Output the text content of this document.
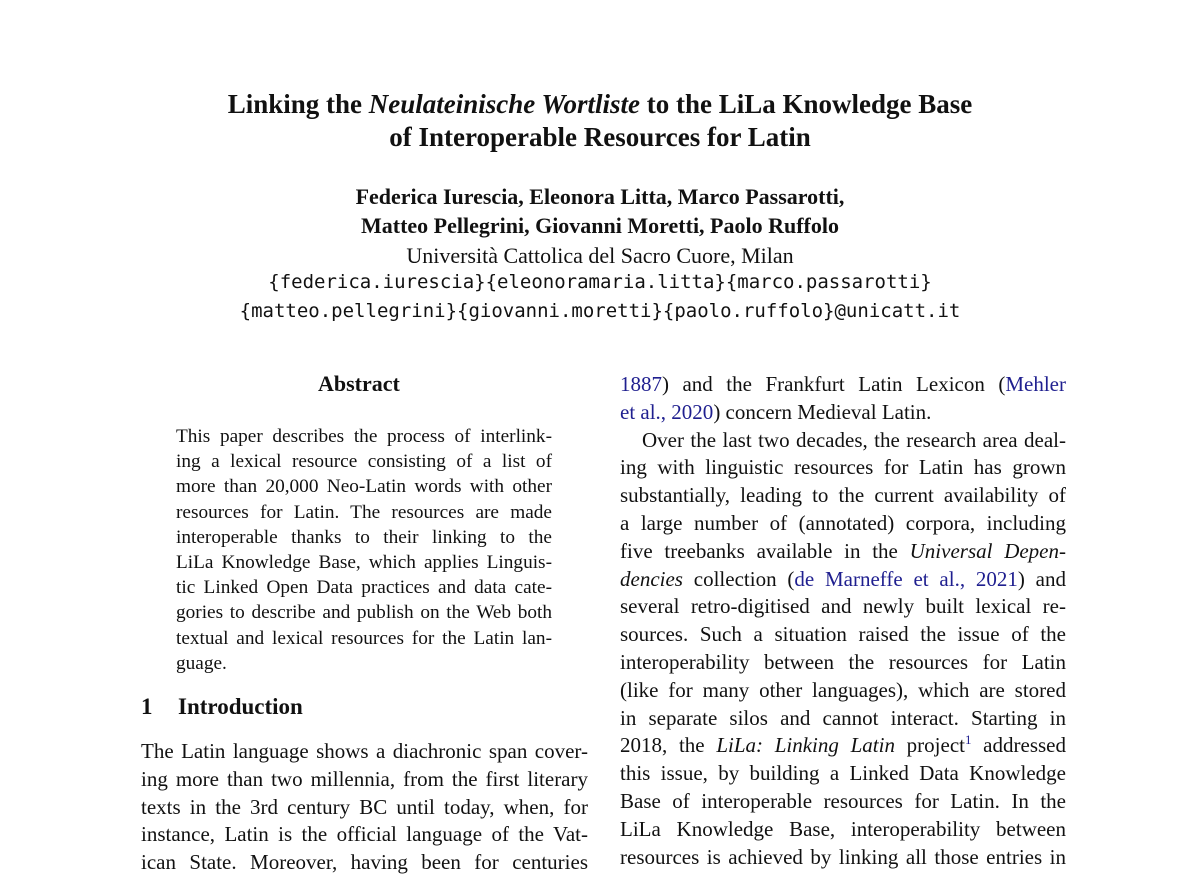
Linking the Neulateinische Wortliste to the LiLa Knowledge Base
of Interoperable Resources for Latin
Federica Iurescia, Eleonora Litta, Marco Passarotti,
Matteo Pellegrini, Giovanni Moretti, Paolo Ruffolo
Università Cattolica del Sacro Cuore, Milan
{federica.iurescia}{eleonoramaria.litta}{marco.passarotti}
{matteo.pellegrini}{giovanni.moretti}{paolo.ruffolo}@unicatt.it
Abstract
This paper describes the process of interlink-
ing a lexical resource consisting of a list of
more than 20,000 Neo-Latin words with other
resources for Latin. The resources are made
interoperable thanks to their linking to the
LiLa Knowledge Base, which applies Linguis-
tic Linked Open Data practices and data cate-
gories to describe and publish on the Web both
textual and lexical resources for the Latin lan-
guage.
1 Introduction
The Latin language shows a diachronic span cover-
ing more than two millennia, from the first literary
texts in the 3rd century BC until today, when, for
instance, Latin is the official language of the Vat-
ican State. Moreover, having been for centuries
1887) and the Frankfurt Latin Lexicon (Mehler
et al., 2020) concern Medieval Latin.
Over the last two decades, the research area deal-
ing with linguistic resources for Latin has grown
substantially, leading to the current availability of
a large number of (annotated) corpora, including
five treebanks available in the Universal Depen-
dencies collection (de Marneffe et al., 2021) and
several retro-digitised and newly built lexical re-
sources. Such a situation raised the issue of the
interoperability between the resources for Latin
(like for many other languages), which are stored
in separate silos and cannot interact. Starting in
2018, the LiLa: Linking Latin project$^1$ addressed
this issue, by building a Linked Data Knowledge
Base of interoperable resources for Latin. In the
LiLa Knowledge Base, interoperability between
resources is achieved by linking all those entries in
